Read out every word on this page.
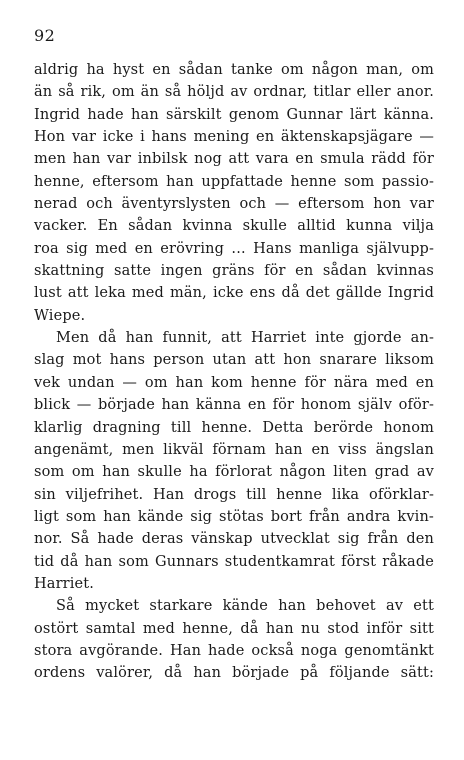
92
aldrig ha hyst en sådan tanke om någon man, om
än så rik, om än så höljd av ordnar, titlar eller anor.
Ingrid hade han särskilt genom Gunnar lärt känna.
Hon var icke i hans mening en äktenskapsjägare —
men han var inbilsk nog att vara en smula rädd för
henne, eftersom han uppfattade henne som passio-
nerad och äventyrslysten och — eftersom hon var
vacker. En sådan kvinna skulle alltid kunna vilja
roa sig med en erövring ... Hans manliga självupp-
skattning satte ingen gräns för en sådan kvinnas
lust att leka med män, icke ens då det gällde Ingrid
Wiepe.
Men då han funnit, att Harriet inte gjorde an-
slag mot hans person utan att hon snarare liksom
vek undan — om han kom henne för nära med en
blick — började han känna en för honom själv oför-
klarlig dragning till henne. Detta berörde honom
angenämt, men likväl förnam han en viss ängslan
som om han skulle ha förlorat någon liten grad av
sin viljefrihet. Han drogs till henne lika oförklar-
ligt som han kände sig stötas bort från andra kvin-
nor. Så hade deras vänskap utvecklat sig från den
tid då han som Gunnars studentkamrat först råkade
Harriet.
Så mycket starkare kände han behovet av ett
ostört samtal med henne, då han nu stod inför sitt
stora avgörande. Han hade också noga genomtänkt
ordens valörer, då han började på följande sätt:
